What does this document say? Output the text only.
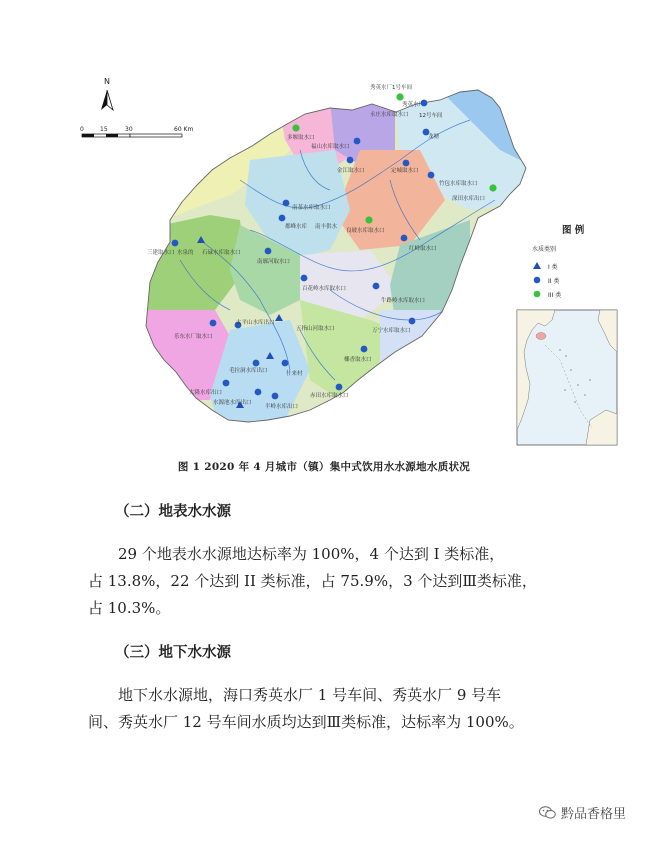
N
0	15	30	60 Km
秀英水厂1号车间
多堰取水口
永庄水库取水口
秀英水厂
12号车间
福山水库取水口
金江取水口	定城取水口
龙塘
竹包水库取水口
深田水库出口
南茶水库取水口
都峰水库 南丰供水
良玻水库取水口
红岭取水口
三建取水口 水泉的 石碌水库取水口
南廓河取水口
百花岭水库取水口
牛路岭水库取水口
太平山水库出口
五指山河取水口	万宁水库取水口
乐东水厂取水口
毛拉洞水库出口	什来村
大隆水库出口	赤田水库取水口
水源池水库出口
半岭水库出口
椰香取水口
图 例
水质类别
I 类
II 类
III 类
图 1 2020 年 4 月城市（镇）集中式饮用水水源地水质状况
（二）地表水水源
29 个地表水水源地达标率为 100%，4 个达到 I 类标准，
占 13.8%，22 个达到 II 类标准，占 75.9%，3 个达到Ⅲ类标准，
占 10.3%。
（三）地下水水源
地下水水源地，海口秀英水厂 1 号车间、秀英水厂 9 号车
间、秀英水厂 12 号车间水质均达到Ⅲ类标准，达标率为 100%。
黔品香格里
